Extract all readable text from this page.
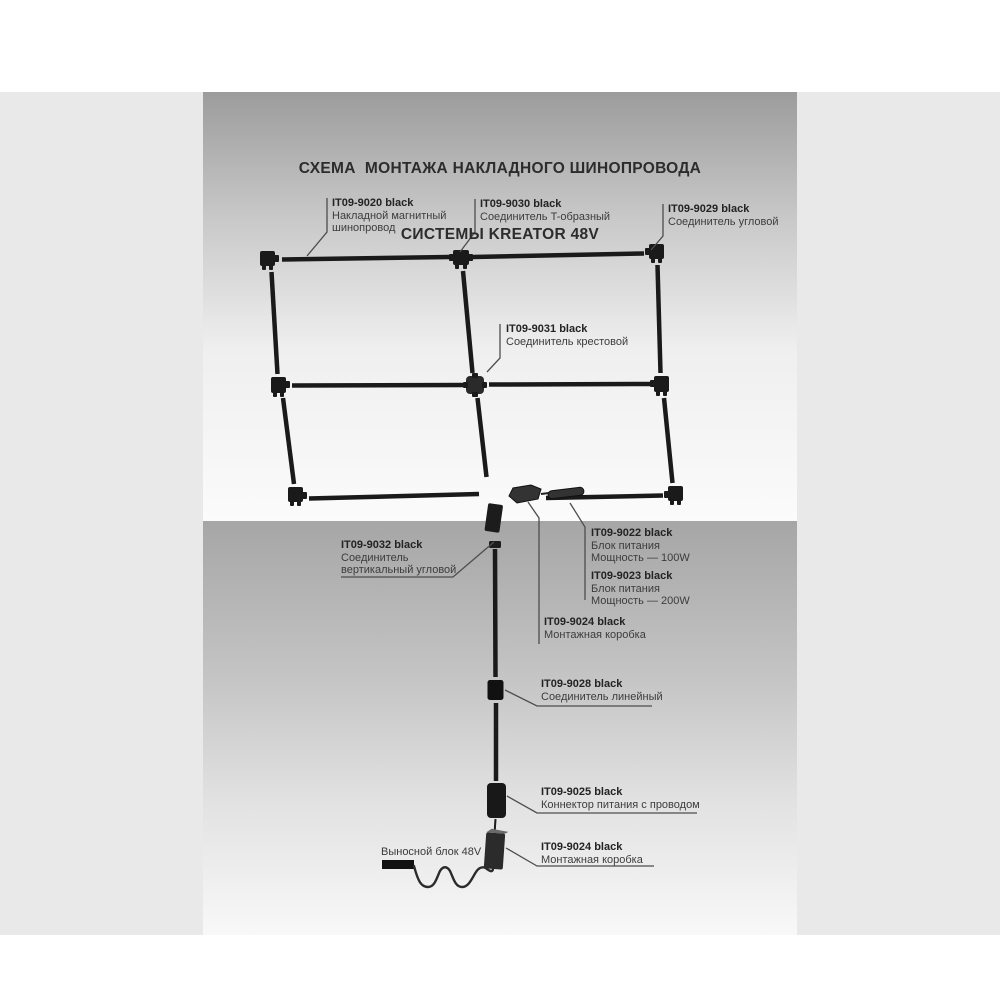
СХЕМА  МОНТАЖА НАКЛАДНОГО ШИНОПРОВОДА

СИСТЕМЫ KREATOR 48V

IT09-9020 black
Накладной магнитный
шинопровод
IT09-9030 black
Соединитель T-образный
IT09-9029 black
Соединитель угловой
IT09-9031 black
Соединитель крестовой
IT09-9032 black
Соединитель
вертикальный угловой
IT09-9022 black
Блок питания
Мощность — 100W
IT09-9023 black
Блок питания
Мощность — 200W
IT09-9024 black
Монтажная коробка
IT09-9028 black
Соединитель линейный
IT09-9025 black
Коннектор питания с проводом
IT09-9024 black
Монтажная коробка
Выносной блок 48V
